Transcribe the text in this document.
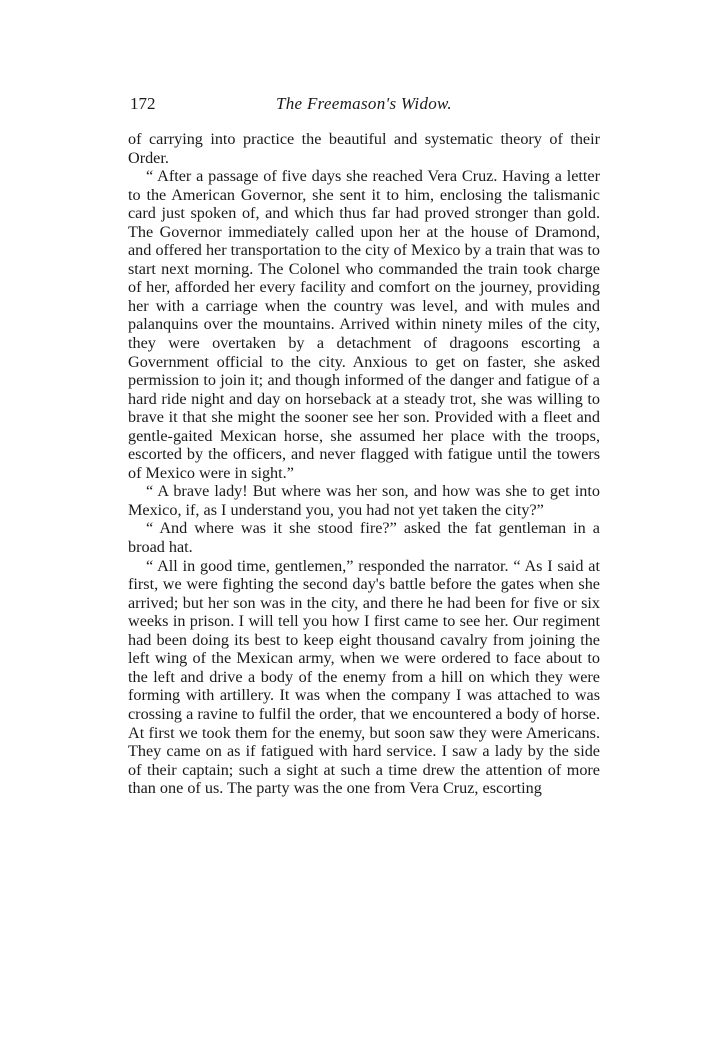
172	The Freemason's Widow.

of carrying into practice the beautiful and systematic theory of their Order.

“ After a passage of five days she reached Vera Cruz. Having a letter to the American Governor, she sent it to him, enclosing the talismanic card just spoken of, and which thus far had proved stronger than gold. The Governor immediately called upon her at the house of Dramond, and offered her transportation to the city of Mexico by a train that was to start next morning. The Colonel who commanded the train took charge of her, afforded her every facility and comfort on the journey, providing her with a carriage when the country was level, and with mules and palanquins over the mountains. Arrived within ninety miles of the city, they were overtaken by a detachment of dragoons escorting a Government official to the city. Anxious to get on faster, she asked permission to join it; and though informed of the danger and fatigue of a hard ride night and day on horseback at a steady trot, she was willing to brave it that she might the sooner see her son. Provided with a fleet and gentle-gaited Mexican horse, she assumed her place with the troops, escorted by the officers, and never flagged with fatigue until the towers of Mexico were in sight.”

“ A brave lady! But where was her son, and how was she to get into Mexico, if, as I understand you, you had not yet taken the city?”

“ And where was it she stood fire?” asked the fat gentleman in a broad hat.

“ All in good time, gentlemen,” responded the narrator. “ As I said at first, we were fighting the second day's battle before the gates when she arrived; but her son was in the city, and there he had been for five or six weeks in prison. I will tell you how I first came to see her. Our regiment had been doing its best to keep eight thousand cavalry from joining the left wing of the Mexican army, when we were ordered to face about to the left and drive a body of the enemy from a hill on which they were forming with artillery. It was when the company I was attached to was crossing a ravine to fulfil the order, that we encountered a body of horse. At first we took them for the enemy, but soon saw they were Americans. They came on as if fatigued with hard service. I saw a lady by the side of their captain; such a sight at such a time drew the attention of more than one of us. The party was the one from Vera Cruz, escorting
